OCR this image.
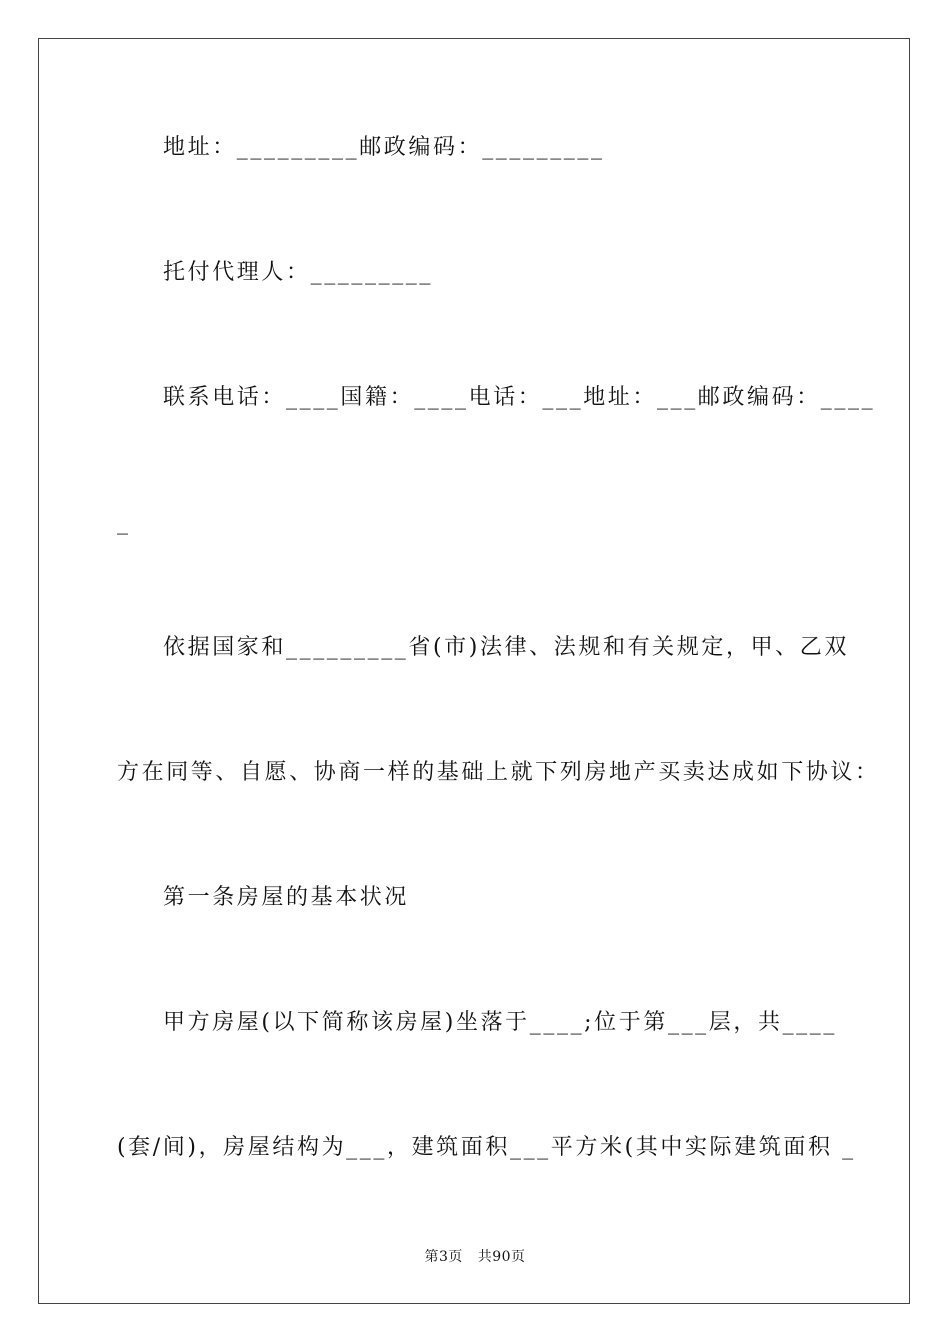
地址：_________邮政编码：_________
托付代理人：_________
联系电话：____国籍：____电话：___地址：___邮政编码：____
_
依据国家和_________省(市)法律、法规和有关规定，甲、乙双
方在同等、自愿、协商一样的基础上就下列房地产买卖达成如下协议：
第一条房屋的基本状况
甲方房屋(以下简称该房屋)坐落于____;位于第___层，共____
(套/间)，房屋结构为___，建筑面积___平方米(其中实际建筑面积 _
第3页   共90页
